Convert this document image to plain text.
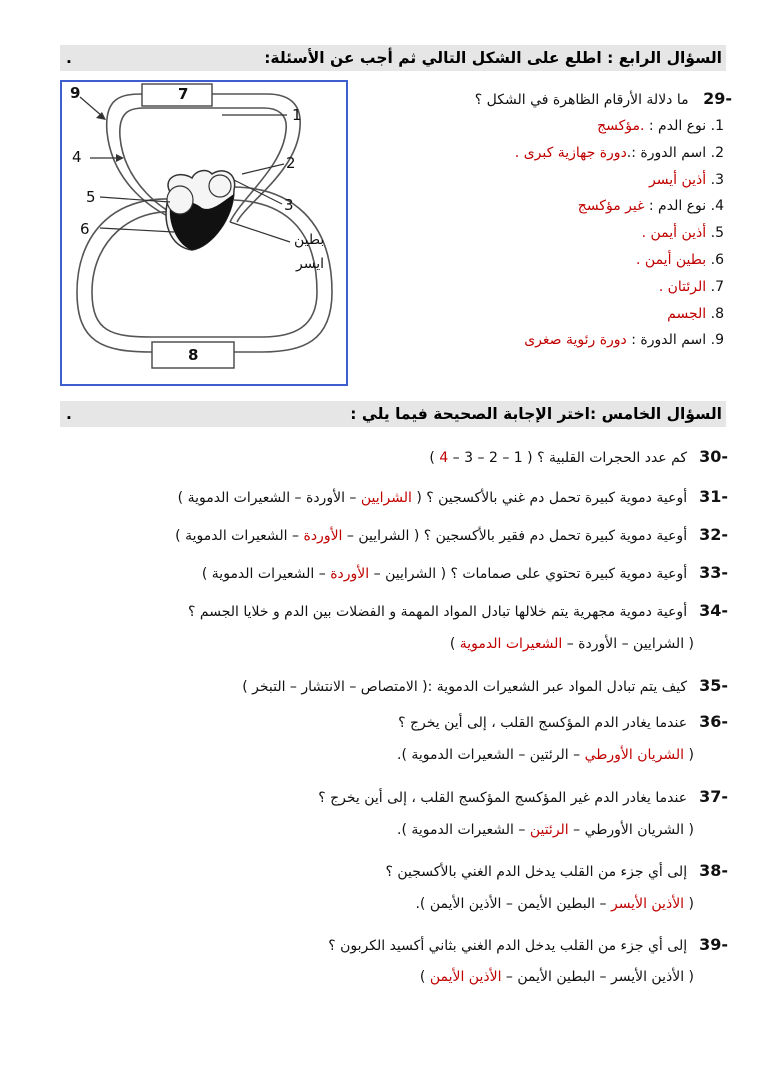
السؤال الرابع : اطلع على الشكل التالي ثم أجب عن الأسئلة:
.
7
8
9
1
4	2
5	3
6
بطين
ايسر
-29 ما دلالة الأرقام الظاهرة في الشكل ؟
1. نوع الدم : .مؤكسج
2. اسم الدورة :.دورة جهازية كبرى .
3. أذين أيسر
4. نوع الدم : غير مؤكسج
5. أذين أيمن .
6. بطين أيمن .
7. الرئتان .
8. الجسم
9. اسم الدورة : دورة رئوية صغرى
السؤال الخامس :اختر الإجابة الصحيحة فيما يلي :
.
-30كم عدد الحجرات القلبية ؟ ( 1 – 2 – 3 – 4 )
-31أوعية دموية كبيرة تحمل دم غني بالأكسجين ؟ ( الشرايين – الأوردة – الشعيرات الدموية )
-32أوعية دموية كبيرة تحمل دم فقير بالأكسجين ؟ ( الشرايين – الأوردة – الشعيرات الدموية )
-33أوعية دموية كبيرة تحتوي على صمامات ؟ ( الشرايين – الأوردة – الشعيرات الدموية )
-34أوعية دموية مجهرية يتم خلالها تبادل المواد المهمة و الفضلات بين الدم و خلايا الجسم ؟
( الشرايين – الأوردة – الشعيرات الدموية )
-35كيف يتم تبادل المواد عبر الشعيرات الدموية :( الامتصاص – الانتشار – التبخر )
-36عندما يغادر الدم المؤكسج القلب ، إلى أين يخرج ؟
( الشريان الأورطي – الرئتين – الشعيرات الدموية ).
-37عندما يغادر الدم غير المؤكسج المؤكسج القلب ، إلى أين يخرج ؟
( الشريان الأورطي – الرئتين – الشعيرات الدموية ).
-38إلى أي جزء من القلب يدخل الدم الغني بالأكسجين ؟
( الأذين الأيسر – البطين الأيمن – الأذين الأيمن ).
-39إلى أي جزء من القلب يدخل الدم الغني بثاني أكسيد الكربون ؟
( الأذين الأيسر – البطين الأيمن – الأذين الأيمن )
